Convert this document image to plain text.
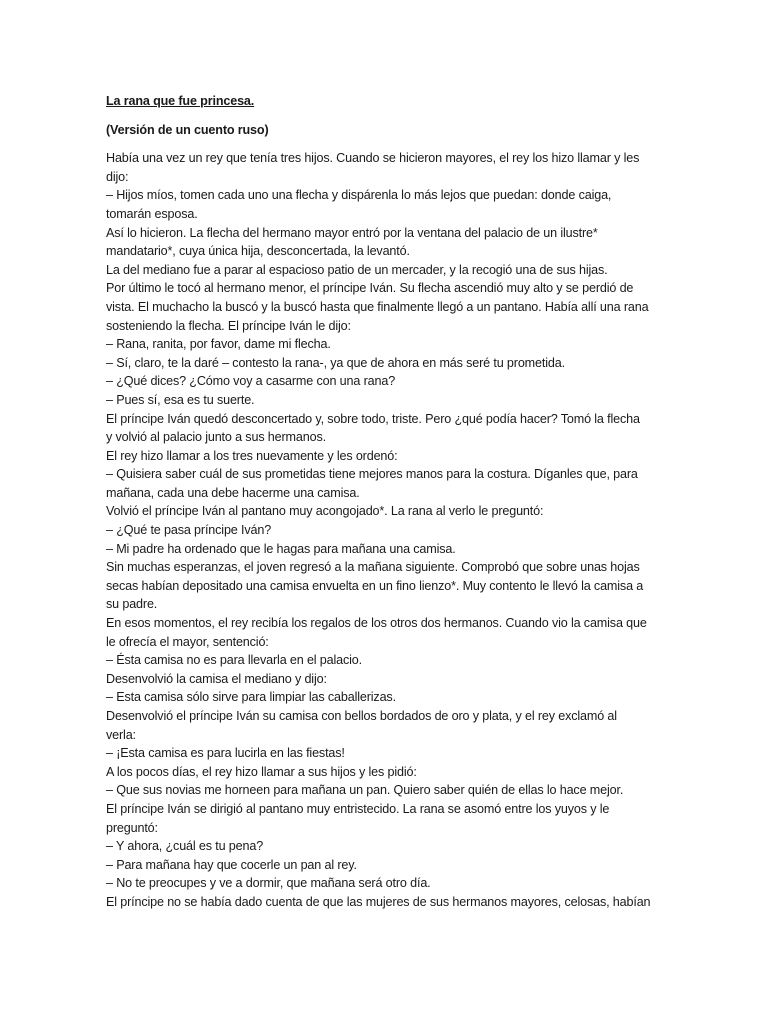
La rana que fue princesa.
(Versión de un cuento ruso)
Había una vez un rey que tenía tres hijos. Cuando se hicieron mayores, el rey los hizo llamar y les
dijo:
– Hijos míos, tomen cada uno una flecha y dispárenla lo más lejos que puedan: donde caiga,
tomarán esposa.
Así lo hicieron. La flecha del hermano mayor entró por la ventana del palacio de un ilustre*
mandatario*, cuya única hija, desconcertada, la levantó.
La del mediano fue a parar al espacioso patio de un mercader, y la recogió una de sus hijas.
Por último le tocó al hermano menor, el príncipe Iván. Su flecha ascendió muy alto y se perdió de
vista. El muchacho la buscó y la buscó hasta que finalmente llegó a un pantano. Había allí una rana
sosteniendo la flecha. El príncipe Iván le dijo:
– Rana, ranita, por favor, dame mi flecha.
– Sí, claro, te la daré – contesto la rana-, ya que de ahora en más seré tu prometida.
– ¿Qué dices? ¿Cómo voy a casarme con una rana?
– Pues sí, esa es tu suerte.
El príncipe Iván quedó desconcertado y, sobre todo, triste. Pero ¿qué podía hacer? Tomó la flecha
y volvió al palacio junto a sus hermanos.
El rey hizo llamar a los tres nuevamente y les ordenó:
– Quisiera saber cuál de sus prometidas tiene mejores manos para la costura. Díganles que, para
mañana, cada una debe hacerme una camisa.
Volvió el príncipe Iván al pantano muy acongojado*. La rana al verlo le preguntó:
– ¿Qué te pasa príncipe Iván?
– Mi padre ha ordenado que le hagas para mañana una camisa.
Sin muchas esperanzas, el joven regresó a la mañana siguiente. Comprobó que sobre unas hojas
secas habían depositado una camisa envuelta en un fino lienzo*. Muy contento le llevó la camisa a
su padre.
En esos momentos, el rey recibía los regalos de los otros dos hermanos. Cuando vio la camisa que
le ofrecía el mayor, sentenció:
– Ésta camisa no es para llevarla en el palacio.
Desenvolvió la camisa el mediano y dijo:
– Esta camisa sólo sirve para limpiar las caballerizas.
Desenvolvió el príncipe Iván su camisa con bellos bordados de oro y plata, y el rey exclamó al
verla:
– ¡Esta camisa es para lucirla en las fiestas!
A los pocos días, el rey hizo llamar a sus hijos y les pidió:
– Que sus novias me horneen para mañana un pan. Quiero saber quién de ellas lo hace mejor.
El príncipe Iván se dirigió al pantano muy entristecido. La rana se asomó entre los yuyos y le
preguntó:
– Y ahora, ¿cuál es tu pena?
– Para mañana hay que cocerle un pan al rey.
– No te preocupes y ve a dormir, que mañana será otro día.
El príncipe no se había dado cuenta de que las mujeres de sus hermanos mayores, celosas, habían
